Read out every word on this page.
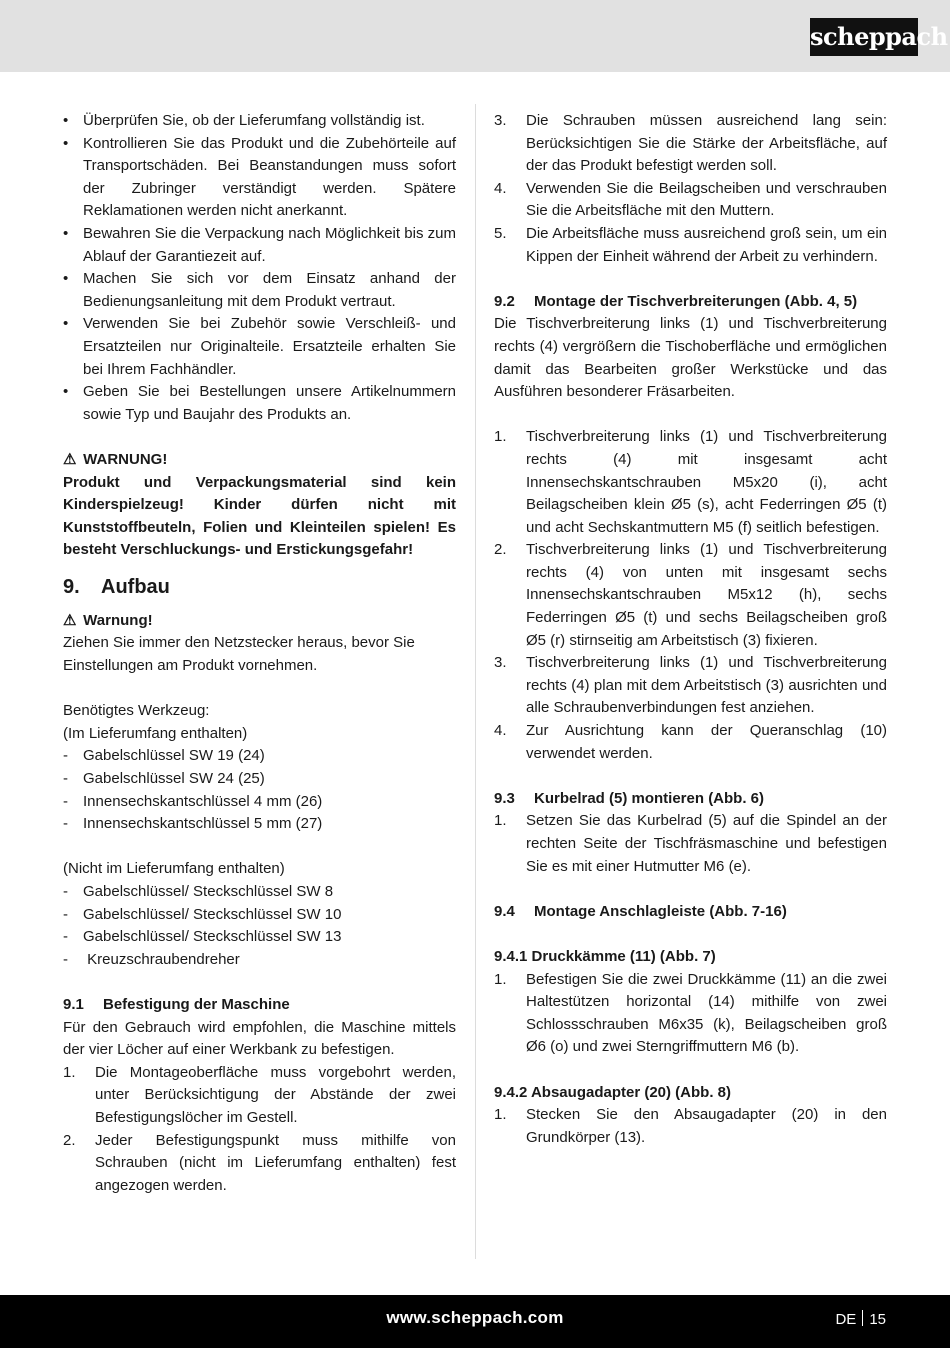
scheppach
• Überprüfen Sie, ob der Lieferumfang vollständig ist.
• Kontrollieren Sie das Produkt und die Zubehörteile auf Transportschäden. Bei Beanstandungen muss sofort der Zubringer verständigt werden. Spätere Reklamationen werden nicht anerkannt.
• Bewahren Sie die Verpackung nach Möglichkeit bis zum Ablauf der Garantiezeit auf.
• Machen Sie sich vor dem Einsatz anhand der Bedienungsanleitung mit dem Produkt vertraut.
• Verwenden Sie bei Zubehör sowie Verschleiß- und Ersatzteilen nur Originalteile. Ersatzteile erhalten Sie bei Ihrem Fachhändler.
• Geben Sie bei Bestellungen unsere Artikelnummern sowie Typ und Baujahr des Produkts an.
⚠ WARNUNG!

Produkt und Verpackungsmaterial sind kein Kinderspielzeug! Kinder dürfen nicht mit Kunststoffbeuteln, Folien und Kleinteilen spielen! Es besteht Verschluckungs- und Erstickungsgefahr!

9. Aufbau
⚠ Warnung!

Ziehen Sie immer den Netzstecker heraus, bevor Sie Einstellungen am Produkt vornehmen.

Benötigtes Werkzeug:

(Im Lieferumfang enthalten)

- Gabelschlüssel SW 19 (24)
- Gabelschlüssel SW 24 (25)
- Innensechskantschlüssel 4 mm (26)
- Innensechskantschlüssel 5 mm (27)

(Nicht im Lieferumfang enthalten)

- Gabelschlüssel/ Steckschlüssel SW 8
- Gabelschlüssel/ Steckschlüssel SW 10
- Gabelschlüssel/ Steckschlüssel SW 13
- Kreuzschraubendreher
9.1 Befestigung der Maschine

Für den Gebrauch wird empfohlen, die Maschine mittels der vier Löcher auf einer Werkbank zu befestigen.

1. Die Montageoberfläche muss vorgebohrt werden, unter Berücksichtigung der Abstände der zwei Befestigungslöcher im Gestell.
2. Jeder Befestigungspunkt muss mithilfe von Schrauben (nicht im Lieferumfang enthalten) fest angezogen werden.
3. Die Schrauben müssen ausreichend lang sein: Berücksichtigen Sie die Stärke der Arbeitsfläche, auf der das Produkt befestigt werden soll.
4. Verwenden Sie die Beilagscheiben und verschrauben Sie die Arbeitsfläche mit den Muttern.
5. Die Arbeitsfläche muss ausreichend groß sein, um ein Kippen der Einheit während der Arbeit zu verhindern.
9.2 Montage der Tischverbreiterungen (Abb. 4, 5)

Die Tischverbreiterung links (1) und Tischverbreiterung rechts (4) vergrößern die Tischoberfläche und ermöglichen damit das Bearbeiten großer Werkstücke und das Ausführen besonderer Fräsarbeiten.

1. Tischverbreiterung links (1) und Tischverbreiterung rechts (4) mit insgesamt acht Innensechskantschrauben M5x20 (i), acht Beilagscheiben klein Ø5 (s), acht Federringen Ø5 (t) und acht Sechskantmuttern M5 (f) seitlich befestigen.
2. Tischverbreiterung links (1) und Tischverbreiterung rechts (4) von unten mit insgesamt sechs Innensechskantschrauben M5x12 (h), sechs Federringen Ø5 (t) und sechs Beilagscheiben groß Ø5 (r) stirnseitig am Arbeitstisch (3) fixieren.
3. Tischverbreiterung links (1) und Tischverbreiterung rechts (4) plan mit dem Arbeitstisch (3) ausrichten und alle Schraubenverbindungen fest anziehen.
4. Zur Ausrichtung kann der Queranschlag (10) verwendet werden.
9.3 Kurbelrad (5) montieren (Abb. 6)
1. Setzen Sie das Kurbelrad (5) auf die Spindel an der rechten Seite der Tischfräsmaschine und befestigen Sie es mit einer Hutmutter M6 (e).
9.4 Montage Anschlagleiste (Abb. 7-16)
9.4.1 Druckkämme (11) (Abb. 7)
1. Befestigen Sie die zwei Druckkämme (11) an die zwei Haltestützen horizontal (14) mithilfe von zwei Schlossschrauben M6x35 (k), Beilagscheiben groß Ø6 (o) und zwei Sterngriffmuttern M6 (b).
9.4.2 Absaugadapter (20) (Abb. 8)
1. Stecken Sie den Absaugadapter (20) in den Grundkörper (13).
www.scheppach.com	DE 15
